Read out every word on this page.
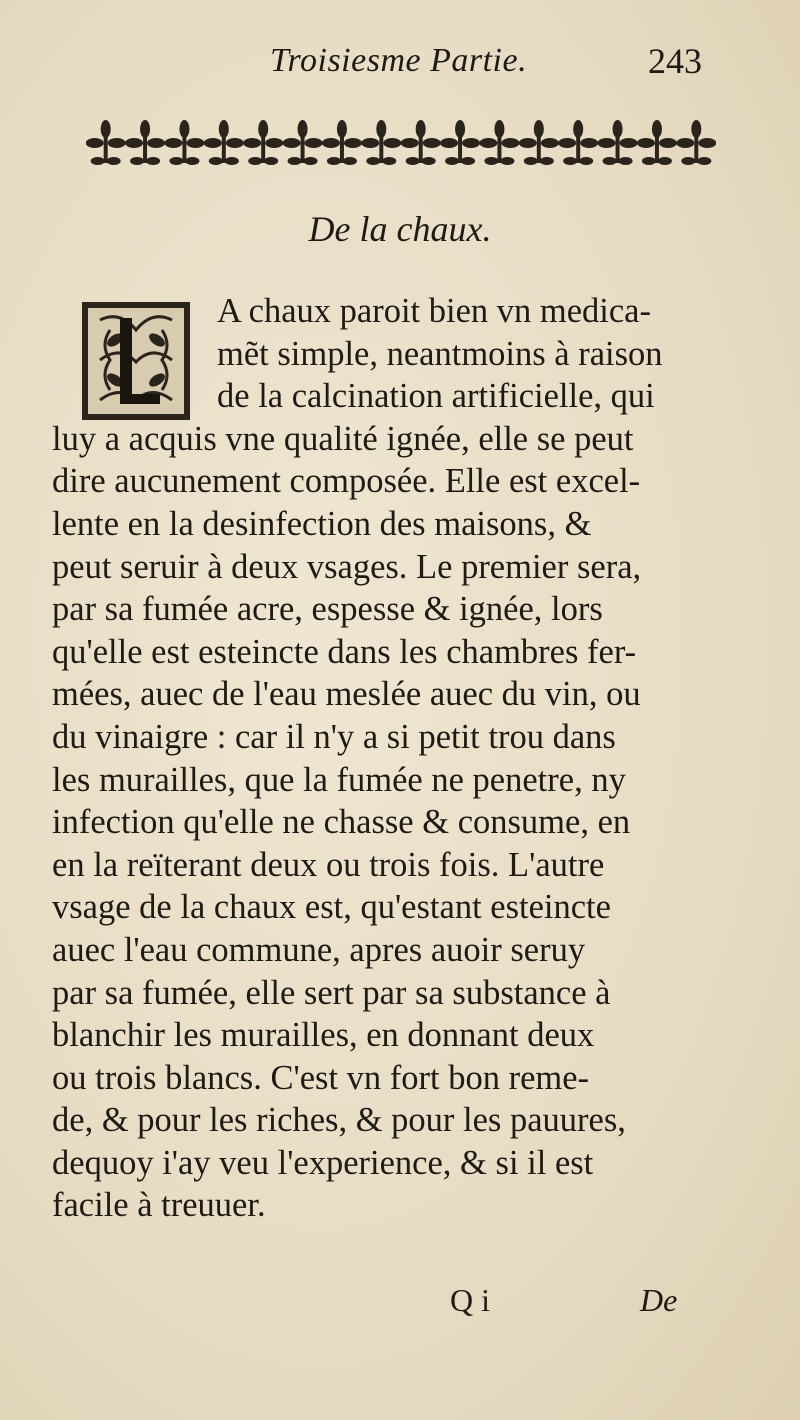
Troisiesme Partie.	243
De la chaux.
A chaux paroit bien vn medica-
mẽt simple, neantmoins à raison
de la calcination artificielle, qui
luy a acquis vne qualité ignée, elle se peut
dire aucunement composée. Elle est excel-
lente en la desinfection des maisons, &
peut seruir à deux vsages. Le premier sera,
par sa fumée acre, espesse & ignée, lors
qu'elle est esteincte dans les chambres fer-
mées, auec de l'eau meslée auec du vin, ou
du vinaigre : car il n'y a si petit trou dans
les murailles, que la fumée ne penetre, ny
infection qu'elle ne chasse & consume, en
en la reïterant deux ou trois fois. L'autre
vsage de la chaux est, qu'estant esteincte
auec l'eau commune, apres auoir seruy
par sa fumée, elle sert par sa substance à
blanchir les murailles, en donnant deux
ou trois blancs. C'est vn fort bon reme-
de, & pour les riches, & pour les pauures,
dequoy i'ay veu l'experience, & si il est
facile à treuuer.
Q i	De
